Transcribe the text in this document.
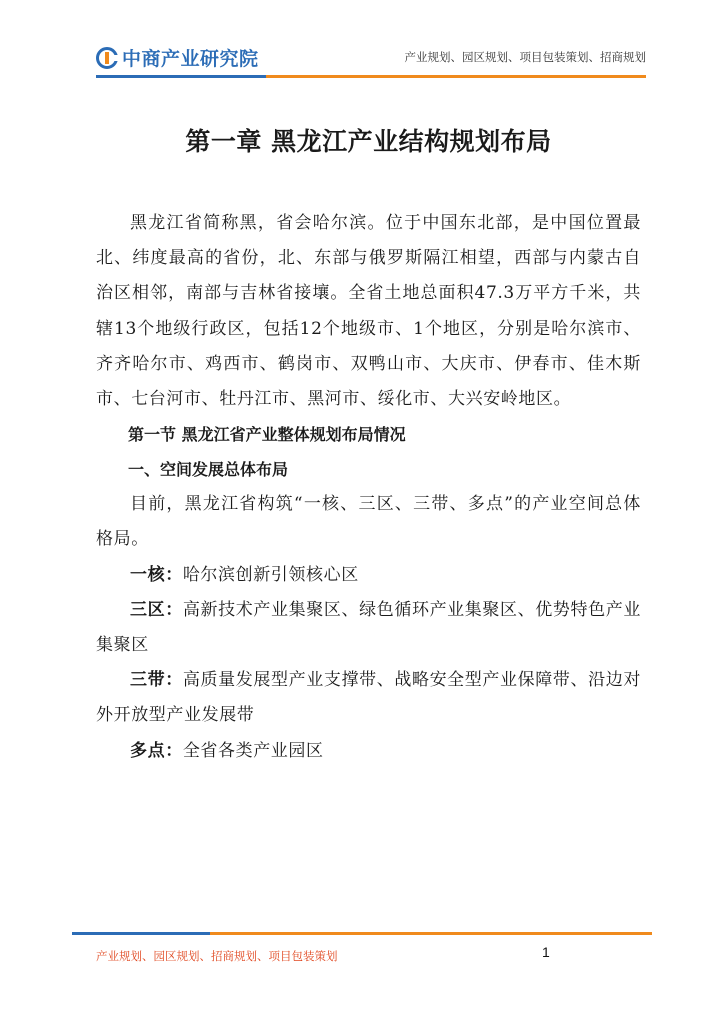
中商产业研究院	产业规划、园区规划、项目包装策划、招商规划
第一章 黑龙江产业结构规划布局

黑龙江省简称黑，省会哈尔滨。位于中国东北部，是中国位置最北、纬度最高的省份，北、东部与俄罗斯隔江相望，西部与内蒙古自治区相邻，南部与吉林省接壤。全省土地总面积47.3万平方千米，共辖13个地级行政区，包括12个地级市、1个地区，分别是哈尔滨市、齐齐哈尔市、鸡西市、鹤岗市、双鸭山市、大庆市、伊春市、佳木斯市、七台河市、牡丹江市、黑河市、绥化市、大兴安岭地区。

第一节 黑龙江省产业整体规划布局情况
一、空间发展总体布局

目前，黑龙江省构筑“一核、三区、三带、多点”的产业空间总体格局。

一核：哈尔滨创新引领核心区

三区：高新技术产业集聚区、绿色循环产业集聚区、优势特色产业集聚区

三带：高质量发展型产业支撑带、战略安全型产业保障带、沿边对外开放型产业发展带

多点：全省各类产业园区

产业规划、园区规划、招商规划、项目包装策划	1
